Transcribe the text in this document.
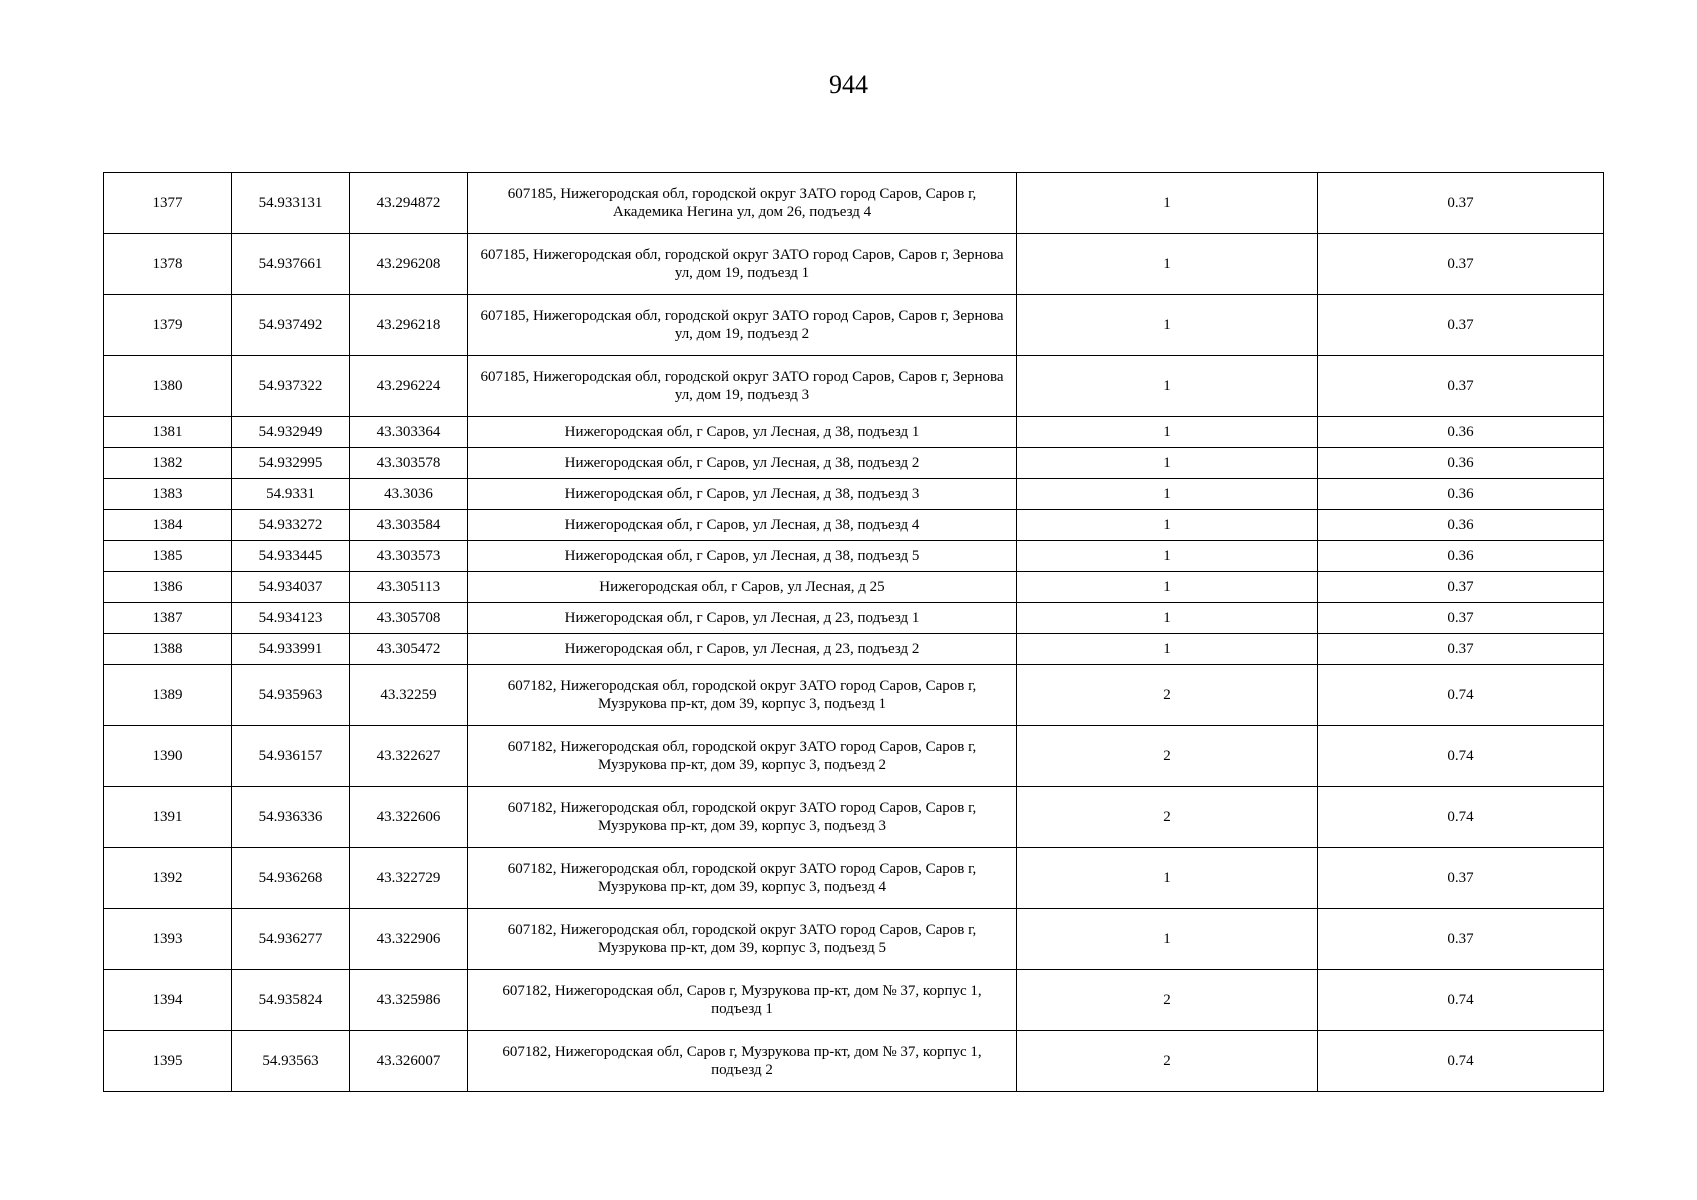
944
1377	54.933131	43.294872	607185, Нижегородская обл, городской округ ЗАТО город Саров, Саров г, Академика Негина ул, дом 26, подъезд 4	1	0.37
1378	54.937661	43.296208	607185, Нижегородская обл, городской округ ЗАТО город Саров, Саров г, Зернова ул, дом 19, подъезд 1	1	0.37
1379	54.937492	43.296218	607185, Нижегородская обл, городской округ ЗАТО город Саров, Саров г, Зернова ул, дом 19, подъезд 2	1	0.37
1380	54.937322	43.296224	607185, Нижегородская обл, городской округ ЗАТО город Саров, Саров г, Зернова ул, дом 19, подъезд 3	1	0.37
1381	54.932949	43.303364	Нижегородская обл, г Саров, ул Лесная, д 38, подъезд 1	1	0.36
1382	54.932995	43.303578	Нижегородская обл, г Саров, ул Лесная, д 38, подъезд 2	1	0.36
1383	54.9331	43.3036	Нижегородская обл, г Саров, ул Лесная, д 38, подъезд 3	1	0.36
1384	54.933272	43.303584	Нижегородская обл, г Саров, ул Лесная, д 38, подъезд 4	1	0.36
1385	54.933445	43.303573	Нижегородская обл, г Саров, ул Лесная, д 38, подъезд 5	1	0.36
1386	54.934037	43.305113	Нижегородская обл, г Саров, ул Лесная, д 25	1	0.37
1387	54.934123	43.305708	Нижегородская обл, г Саров, ул Лесная, д 23, подъезд 1	1	0.37
1388	54.933991	43.305472	Нижегородская обл, г Саров, ул Лесная, д 23, подъезд 2	1	0.37
1389	54.935963	43.32259	607182, Нижегородская обл, городской округ ЗАТО город Саров, Саров г, Музрукова пр-кт, дом 39, корпус 3, подъезд 1	2	0.74
1390	54.936157	43.322627	607182, Нижегородская обл, городской округ ЗАТО город Саров, Саров г, Музрукова пр-кт, дом 39, корпус 3, подъезд 2	2	0.74
1391	54.936336	43.322606	607182, Нижегородская обл, городской округ ЗАТО город Саров, Саров г, Музрукова пр-кт, дом 39, корпус 3, подъезд 3	2	0.74
1392	54.936268	43.322729	607182, Нижегородская обл, городской округ ЗАТО город Саров, Саров г, Музрукова пр-кт, дом 39, корпус 3, подъезд 4	1	0.37
1393	54.936277	43.322906	607182, Нижегородская обл, городской округ ЗАТО город Саров, Саров г, Музрукова пр-кт, дом 39, корпус 3, подъезд 5	1	0.37
1394	54.935824	43.325986	607182, Нижегородская обл, Саров г, Музрукова пр-кт, дом № 37, корпус 1, подъезд 1	2	0.74
1395	54.93563	43.326007	607182, Нижегородская обл, Саров г, Музрукова пр-кт, дом № 37, корпус 1, подъезд 2	2	0.74
